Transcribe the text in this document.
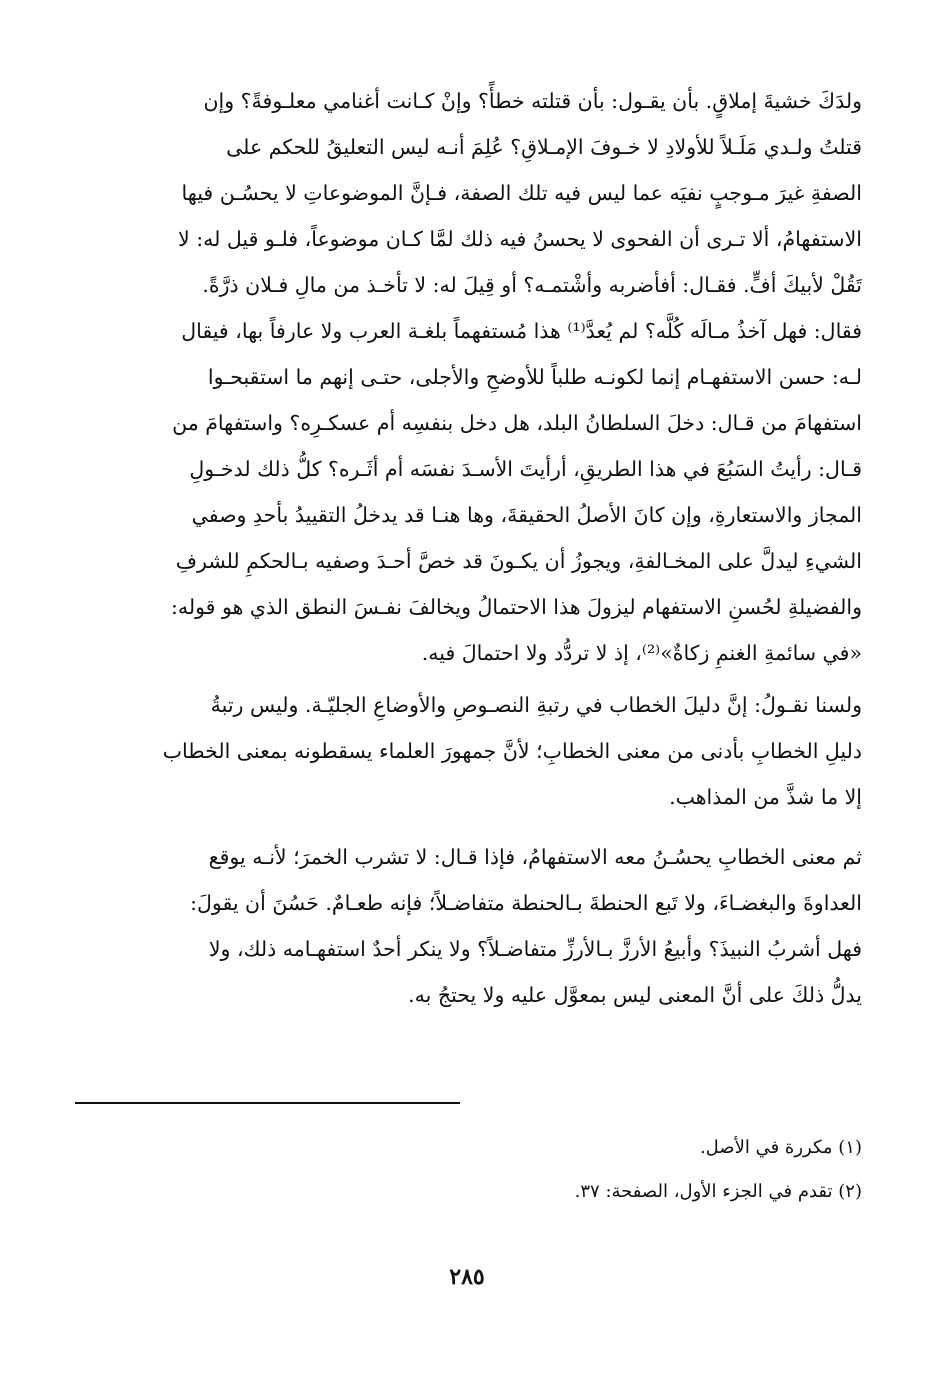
ولدَكَ خشيةَ إملاقٍ. بأن يقـول: بأن قتلته خطأً؟ وإنْ كـانت أغنامي معلـوفةً؟ وإن
قتلتُ ولـدي مَلَـلاً للأولادِ لا خـوفَ الإمـلاقِ؟ عُلِمَ أنـه ليس التعليقُ للحكم على
الصفةِ غيرَ مـوجبٍ نفيَه عما ليس فيه تلك الصفة، فـإنَّ الموضوعاتِ لا يحسُـن فيها
الاستفهامُ، ألا تـرى أن الفحوى لا يحسنُ فيه ذلك لمَّا كـان موضوعاً، فلـو قيل له: لا
تَقُلْ لأبيكَ أفٍّ. فقـال: أفأضربه وأشْتمـه؟ أو قِيلَ له: لا تأخـذ من مالِ فـلان ذرَّةً.
فقال: فهل آخذُ مـالَه كُلَّه؟ لم يُعدَّ⁽¹⁾ هذا مُستفهماً بلغـة العرب ولا عارفاً بها، فيقال
لـه: حسن الاستفهـام إنما لكونـه طلباً للأوضحِ والأجلى، حتـى إنهم ما استقبحـوا
استفهامَ من قـال: دخلَ السلطانُ البلد، هل دخل بنفسِه أم عسكـرِه؟ واستفهامَ من
قـال: رأيتُ السَبُعَ في هذا الطريقِ، أرأيتَ الأسـدَ نفسَه أم أثَـره؟ كلُّ ذلك لدخـولِ
المجاز والاستعارةِ، وإن كانَ الأصلُ الحقيقةَ، وها هنـا قد يدخلُ التقييدُ بأحدِ وصفي
الشيءِ ليدلَّ على المخـالفةِ، ويجوزُ أن يكـونَ قد خصَّ أحـدَ وصفيه بـالحكمِ للشرفِ
والفضيلةِ لحُسنِ الاستفهام ليزولَ هذا الاحتمالُ ويخالفَ نفـسَ النطق الذي هو قوله:
«في سائمةِ الغنمِ زكاةٌ»⁽²⁾، إذ لا تردُّد ولا احتمالَ فيه.
ولسنا نقـولُ: إنَّ دليلَ الخطاب في رتبةِ النصـوصِ والأوضاعِ الجليّـة. وليس رتبةُ
دليلِ الخطابِ بأدنى من معنى الخطابِ؛ لأنَّ جمهورَ العلماء يسقطونه بمعنى الخطاب
إلا ما شذَّ من المذاهب.
ثم معنى الخطابِ يحسُـنُ معه الاستفهامُ، فإذا قـال: لا تشرب الخمرَ؛ لأنـه يوقع
العداوةَ والبغضـاءَ، ولا تَبع الحنطةَ بـالحنطة متفاضـلاً؛ فإنه طعـامٌ. حَسُنَ أن يقولَ:
فهل أشربُ النبيذَ؟ وأبيعُ الأرزَّ بـالأرزِّ متفاضـلاً؟ ولا ينكر أحدٌ استفهـامه ذلك، ولا
يدلُّ ذلكَ على أنَّ المعنى ليس بمعوَّل عليه ولا يحتجُ به.
(١) مكررة في الأصل.
(٢) تقدم في الجزء الأول، الصفحة: ٣٧.
٢٨٥
